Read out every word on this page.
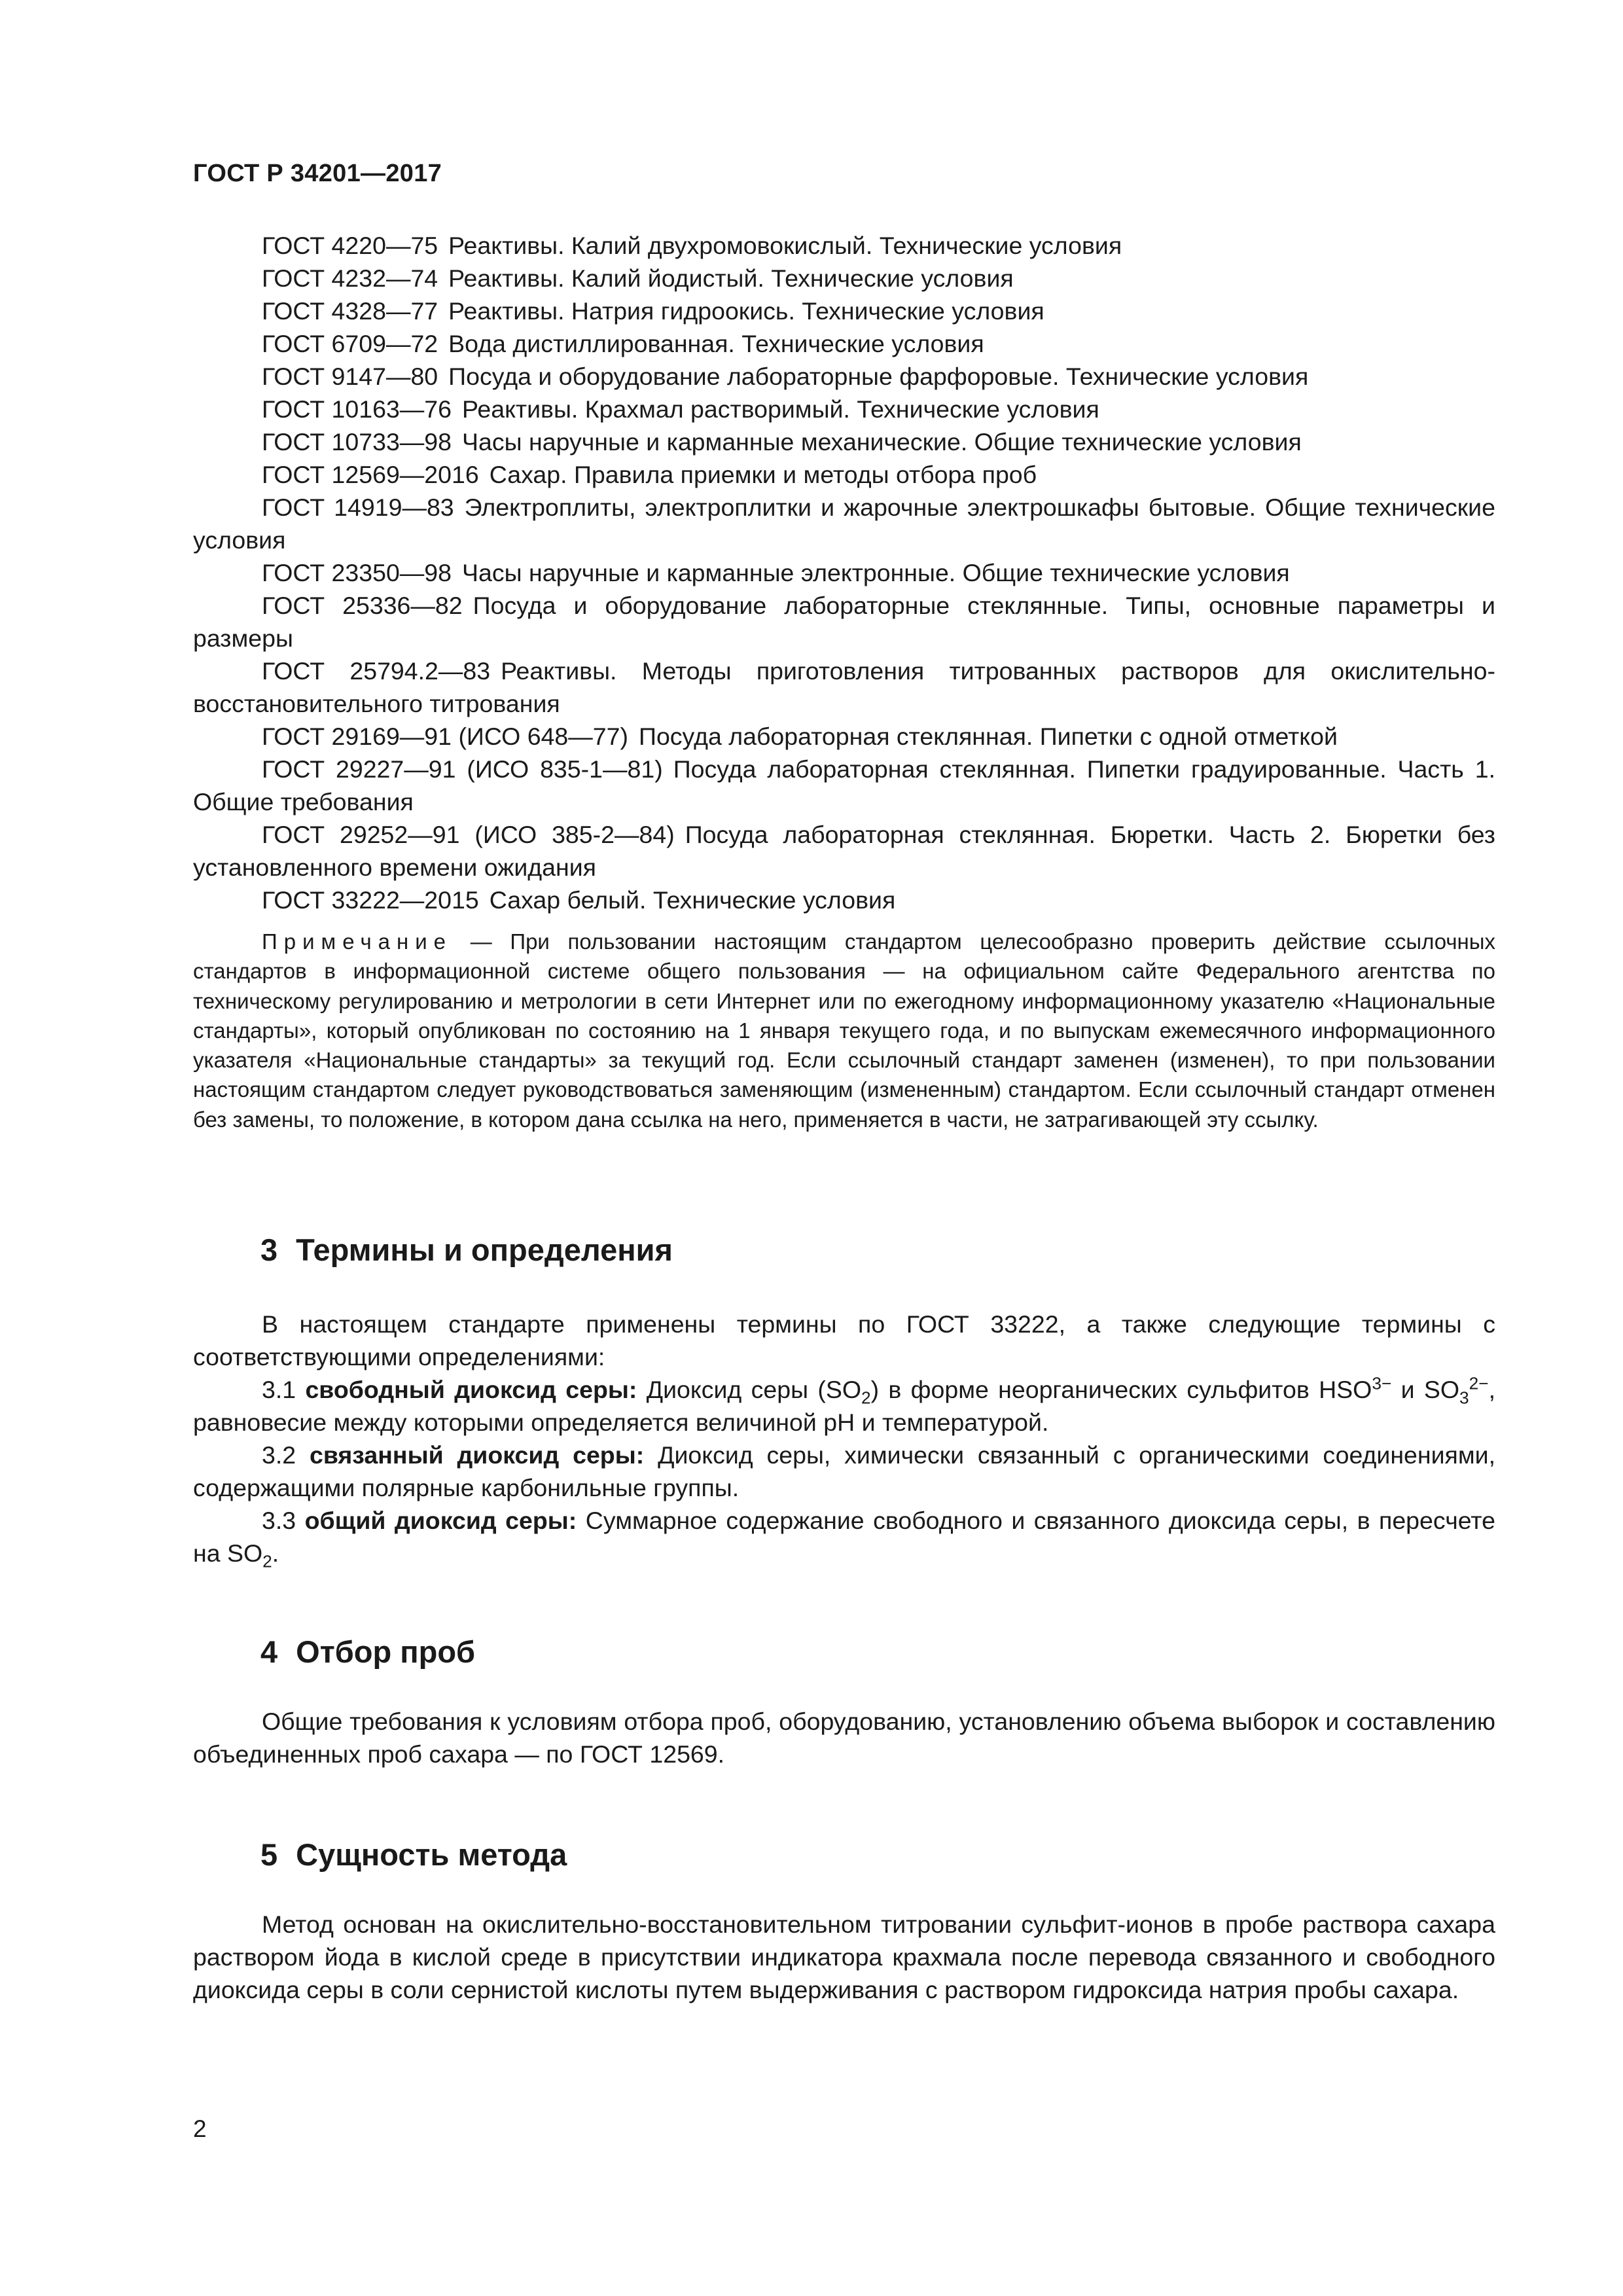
ГОСТ Р 34201—2017
ГОСТ 4220—75 Реактивы. Калий двухромовокислый. Технические условия
ГОСТ 4232—74 Реактивы. Калий йодистый. Технические условия
ГОСТ 4328—77 Реактивы. Натрия гидроокись. Технические условия
ГОСТ 6709—72 Вода дистиллированная. Технические условия
ГОСТ 9147—80 Посуда и оборудование лабораторные фарфоровые. Технические условия
ГОСТ 10163—76 Реактивы. Крахмал растворимый. Технические условия
ГОСТ 10733—98 Часы наручные и карманные механические. Общие технические условия
ГОСТ 12569—2016 Сахар. Правила приемки и методы отбора проб
ГОСТ 14919—83 Электроплиты, электроплитки и жарочные электрошкафы бытовые. Общие технические условия
ГОСТ 23350—98 Часы наручные и карманные электронные. Общие технические условия
ГОСТ 25336—82 Посуда и оборудование лабораторные стеклянные. Типы, основные параметры и размеры
ГОСТ 25794.2—83 Реактивы. Методы приготовления титрованных растворов для окислительно-восстановительного титрования
ГОСТ 29169—91 (ИСО 648—77) Посуда лабораторная стеклянная. Пипетки с одной отметкой
ГОСТ 29227—91 (ИСО 835-1—81) Посуда лабораторная стеклянная. Пипетки градуированные. Часть 1. Общие требования
ГОСТ 29252—91 (ИСО 385-2—84) Посуда лабораторная стеклянная. Бюретки. Часть 2. Бюретки без установленного времени ожидания
ГОСТ 33222—2015 Сахар белый. Технические условия
Примечание — При пользовании настоящим стандартом целесообразно проверить действие ссылочных стандартов в информационной системе общего пользования — на официальном сайте Федерального агентства по техническому регулированию и метрологии в сети Интернет или по ежегодному информационному указателю «Национальные стандарты», который опубликован по состоянию на 1 января текущего года, и по выпускам ежемесячного информационного указателя «Национальные стандарты» за текущий год. Если ссылочный стандарт заменен (изменен), то при пользовании настоящим стандартом следует руководствоваться заменяющим (измененным) стандартом. Если ссылочный стандарт отменен без замены, то положение, в котором дана ссылка на него, применяется в части, не затрагивающей эту ссылку.
3 Термины и определения
В настоящем стандарте применены термины по ГОСТ 33222, а также следующие термины с соответствующими определениями:
3.1 свободный диоксид серы: Диоксид серы $(SO_2)$ в форме неорганических сульфитов $HSO^{3-}$ и $SO_3^{2-}$, равновесие между которыми определяется величиной pH и температурой.
3.2 связанный диоксид серы: Диоксид серы, химически связанный с органическими соединениями, содержащими полярные карбонильные группы.
3.3 общий диоксид серы: Суммарное содержание свободного и связанного диоксида серы, в пересчете на $SO_2$.
4 Отбор проб
Общие требования к условиям отбора проб, оборудованию, установлению объема выборок и составлению объединенных проб сахара — по ГОСТ 12569.
5 Сущность метода
Метод основан на окислительно-восстановительном титровании сульфит-ионов в пробе раствора сахара раствором йода в кислой среде в присутствии индикатора крахмала после перевода связанного и свободного диоксида серы в соли сернистой кислоты путем выдерживания с раствором гидроксида натрия пробы сахара.
2
